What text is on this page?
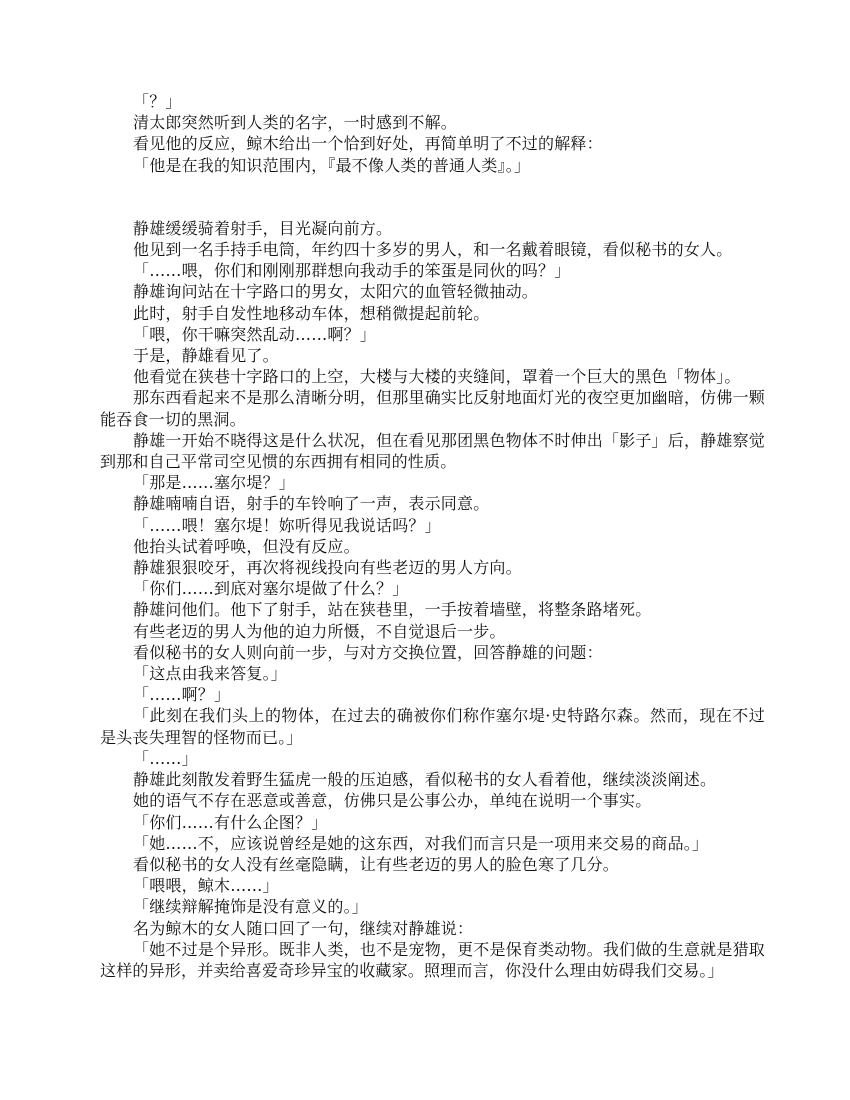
「？」

清太郎突然听到人类的名字，一时感到不解。

看见他的反应，鲸木给出一个恰到好处，再简单明了不过的解释：

「他是在我的知识范围内，『最不像人类的普通人类』。」

静雄缓缓骑着射手，目光凝向前方。

他见到一名手持手电筒，年约四十多岁的男人，和一名戴着眼镜，看似秘书的女人。

「……喂，你们和刚刚那群想向我动手的笨蛋是同伙的吗？」

静雄询问站在十字路口的男女，太阳穴的血管轻微抽动。

此时，射手自发性地移动车体，想稍微提起前轮。

「喂，你干嘛突然乱动……啊？」

于是，静雄看见了。

他看觉在狭巷十字路口的上空，大楼与大楼的夹缝间，罩着一个巨大的黑色「物体」。

那东西看起来不是那么清晰分明，但那里确实比反射地面灯光的夜空更加幽暗，仿佛一颗能吞食一切的黑洞。

静雄一开始不晓得这是什么状况，但在看见那团黑色物体不时伸出「影子」后，静雄察觉到那和自己平常司空见惯的东西拥有相同的性质。

「那是……塞尔堤？」

静雄喃喃自语，射手的车铃响了一声，表示同意。

「……喂！塞尔堤！妳听得见我说话吗？」

他抬头试着呼唤，但没有反应。

静雄狠狠咬牙，再次将视线投向有些老迈的男人方向。

「你们……到底对塞尔堤做了什么？」

静雄问他们。他下了射手，站在狭巷里，一手按着墙壁，将整条路堵死。

有些老迈的男人为他的迫力所慑，不自觉退后一步。

看似秘书的女人则向前一步，与对方交换位置，回答静雄的问题：

「这点由我来答复。」

「……啊？」

「此刻在我们头上的物体，在过去的确被你们称作塞尔堤·史特路尔森。然而，现在不过是头丧失理智的怪物而已。」

「……」

静雄此刻散发着野生猛虎一般的压迫感，看似秘书的女人看着他，继续淡淡阐述。

她的语气不存在恶意或善意，仿佛只是公事公办，单纯在说明一个事实。

「你们……有什么企图？」

「她……不，应该说曾经是她的这东西，对我们而言只是一项用来交易的商品。」

看似秘书的女人没有丝毫隐瞒，让有些老迈的男人的脸色寒了几分。

「喂喂，鲸木……」

「继续辩解掩饰是没有意义的。」

名为鲸木的女人随口回了一句，继续对静雄说：

「她不过是个异形。既非人类，也不是宠物，更不是保育类动物。我们做的生意就是猎取这样的异形，并卖给喜爱奇珍异宝的收藏家。照理而言，你没什么理由妨碍我们交易。」
